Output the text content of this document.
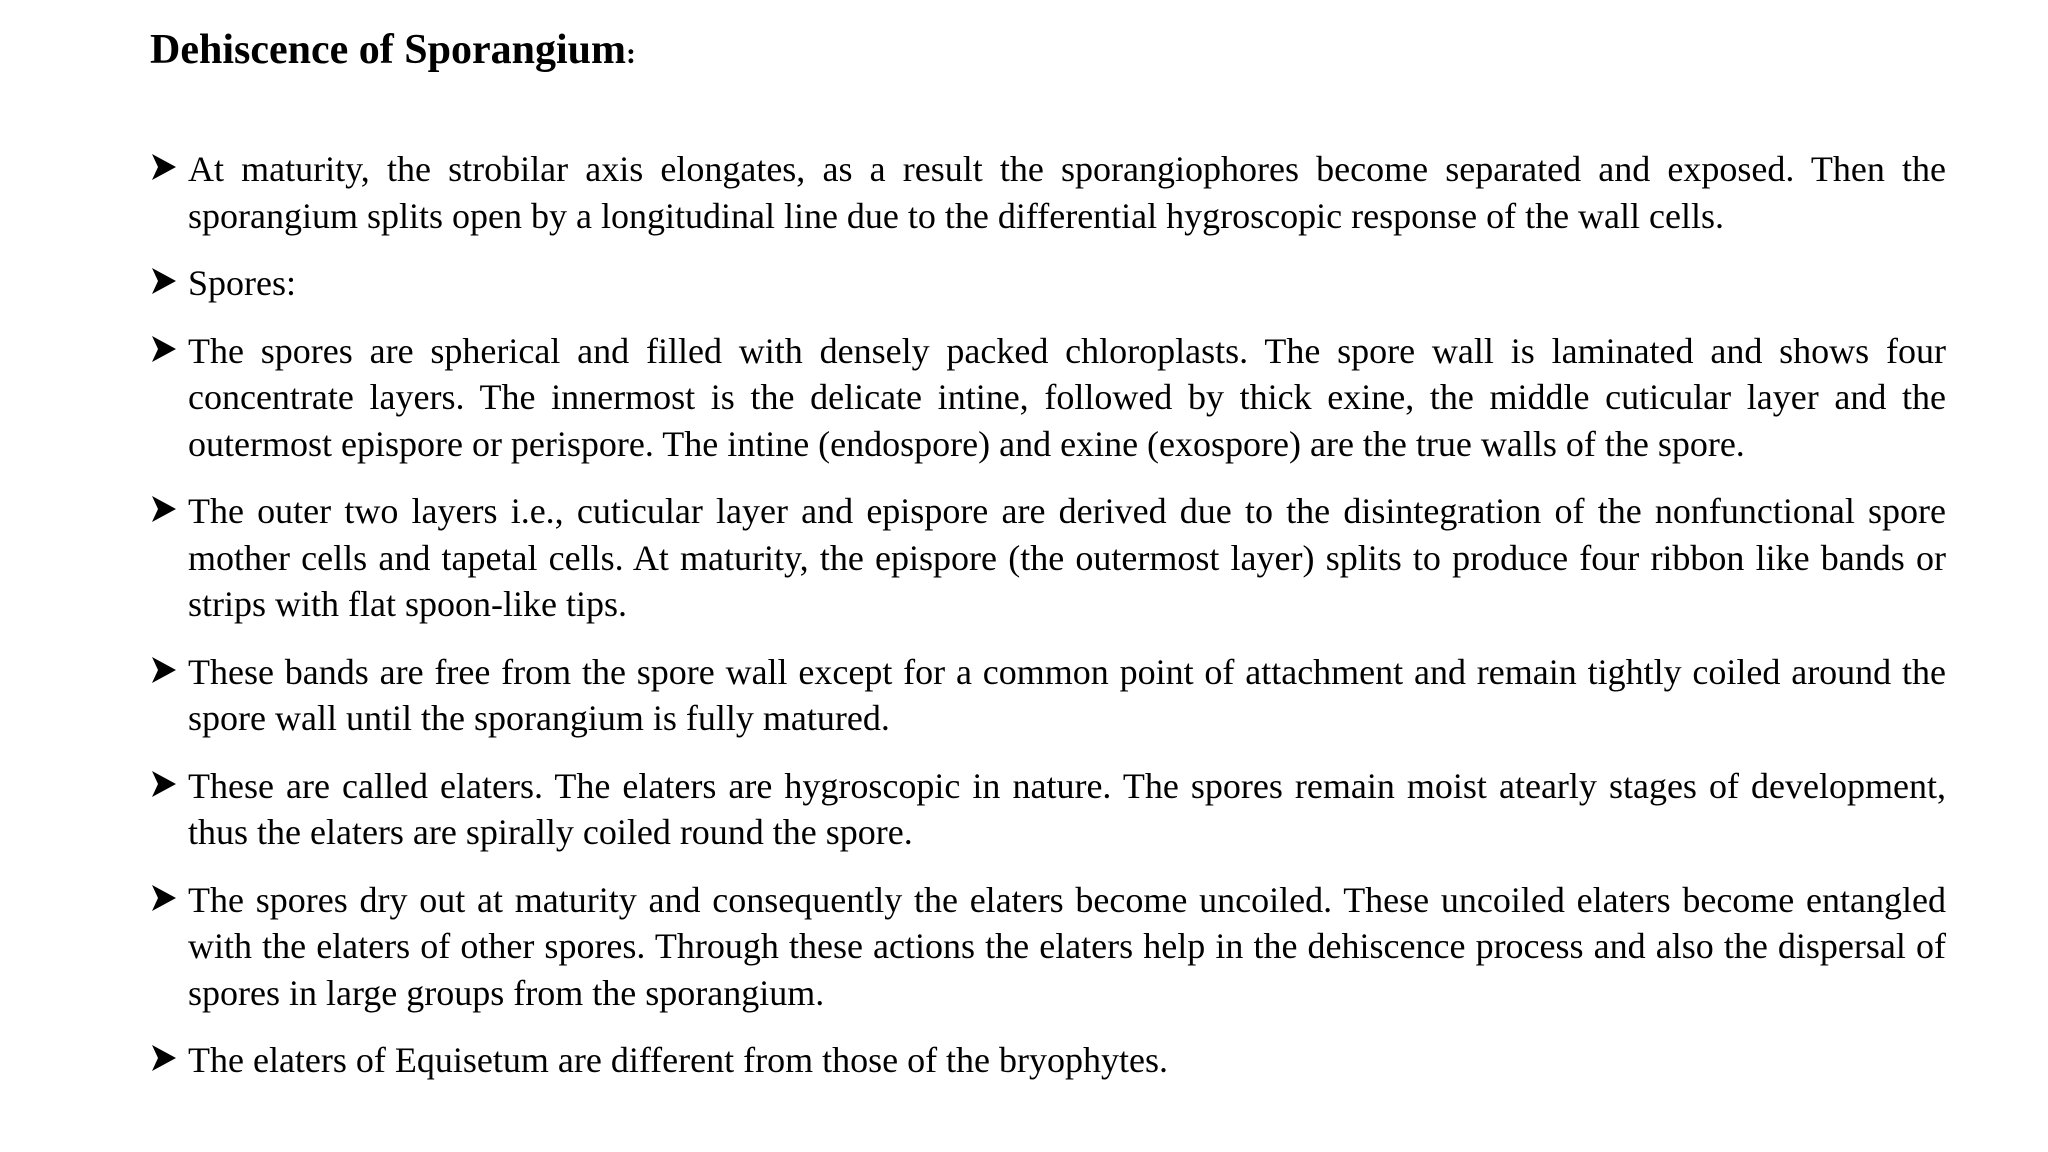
Dehiscence of Sporangium:
At maturity, the strobilar axis elongates, as a result the sporangiophores become separated and exposed. Then the sporangium splits open by a longitudinal line due to the differential hygroscopic response of the wall cells.
Spores:
The spores are spherical and filled with densely packed chloroplasts. The spore wall is laminated and shows four concentrate layers. The innermost is the delicate intine, followed by thick exine, the middle cuticular layer and the outermost epispore or perispore. The intine (endospore) and exine (exospore) are the true walls of the spore.
The outer two layers i.e., cuticular layer and epispore are derived due to the disintegration of the nonfunctional spore mother cells and tapetal cells. At maturity, the epispore (the outermost layer) splits to produce four ribbon like bands or strips with flat spoon-like tips.
These bands are free from the spore wall except for a common point of attachment and remain tightly coiled around the spore wall until the sporangium is fully matured.
These are called elaters. The elaters are hygroscopic in nature. The spores remain moist atearly stages of development, thus the elaters are spirally coiled round the spore.
The spores dry out at maturity and consequently the elaters become uncoiled. These uncoiled elaters become entangled with the elaters of other spores. Through these actions the elaters help in the dehiscence process and also the dispersal of spores in large groups from the sporangium.
The elaters of Equisetum are different from those of the bryophytes.
